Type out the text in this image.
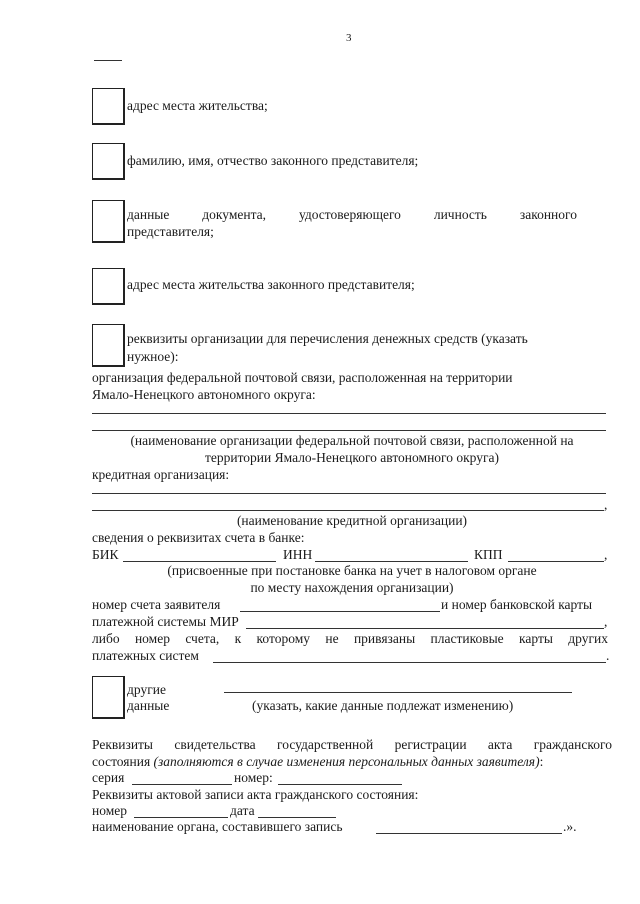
3
адрес места жительства;
фамилию, имя, отчество законного представителя;
данные документа, удостоверяющего личность законного
представителя;
адрес места жительства законного представителя;
реквизиты организации для перечисления денежных средств (указать
нужное):
организация федеральной почтовой связи, расположенная на территории
Ямало-Ненецкого автономного округа:
(наименование организации федеральной почтовой связи, расположенной на
территории Ямало-Ненецкого автономного округа)
кредитная организация:
,
(наименование кредитной организации)
сведения о реквизитах счета в банке:
БИК	ИНН	КПП	,
(присвоенные при постановке банка на учет в налоговом органе
по месту нахождения организации)
номер счета заявителя	и номер банковской карты
платежной системы МИР	,
либо номер счета, к которому не привязаны пластиковые карты других
платежных систем	.
другие
данные	(указать, какие данные подлежат изменению)
Реквизиты свидетельства государственной регистрации акта гражданского
состояния (заполняются в случае изменения персональных данных заявителя):
серия	номер:
Реквизиты актовой записи акта гражданского состояния:
номер	дата
наименование органа, составившего запись	.».
